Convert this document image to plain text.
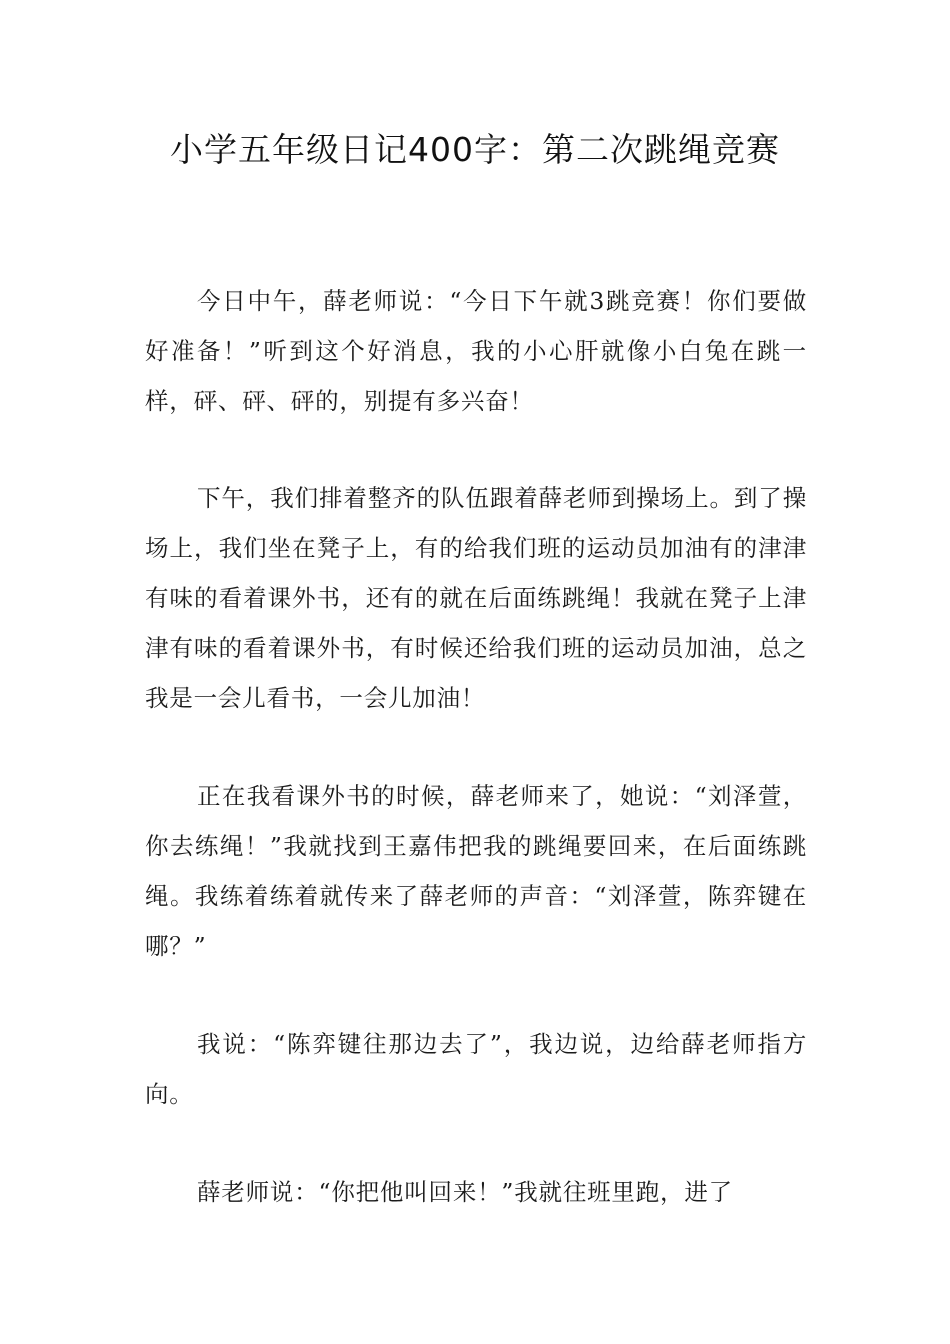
小学五年级日记400字：第二次跳绳竞赛

今日中午，薛老师说：“今日下午就3跳竞赛！你们要做好准备！”听到这个好消息，我的小心肝就像小白兔在跳一样，砰、砰、砰的，别提有多兴奋！

下午，我们排着整齐的队伍跟着薛老师到操场上。到了操场上，我们坐在凳子上，有的给我们班的运动员加油有的津津有味的看着课外书，还有的就在后面练跳绳！我就在凳子上津津有味的看着课外书，有时候还给我们班的运动员加油，总之我是一会儿看书，一会儿加油！

正在我看课外书的时候，薛老师来了，她说：“刘泽萱，你去练绳！”我就找到王嘉伟把我的跳绳要回来，在后面练跳绳。我练着练着就传来了薛老师的声音：“刘泽萱，陈弈键在哪？”

我说：“陈弈键往那边去了”，我边说，边给薛老师指方向。

薛老师说：“你把他叫回来！”我就往班里跑，进了
